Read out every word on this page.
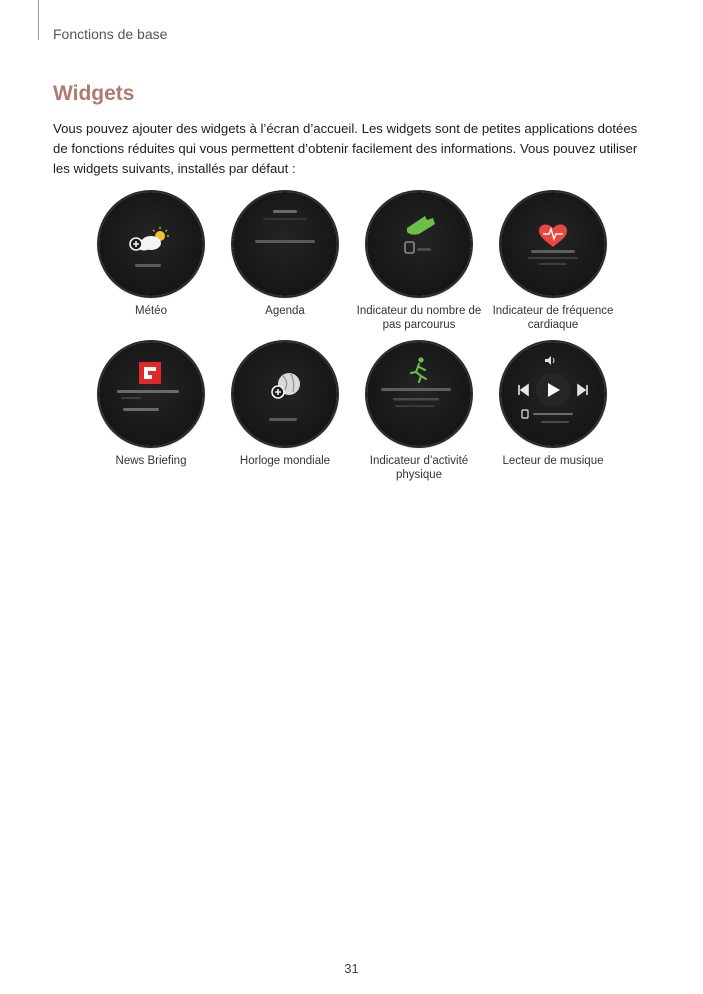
Fonctions de base
Widgets

Vous pouvez ajouter des widgets à l’écran d’accueil. Les widgets sont de petites applications dotées de fonctions réduites qui vous permettent d’obtenir facilement des informations. Vous pouvez utiliser les widgets suivants, installés par défaut :

Météo	Agenda	Indicateur du nombre de pas parcourus
Indicateur de fréquence cardiaque
News Briefing	Horloge mondiale	Indicateur d’activité physique
Lecteur de musique
31
